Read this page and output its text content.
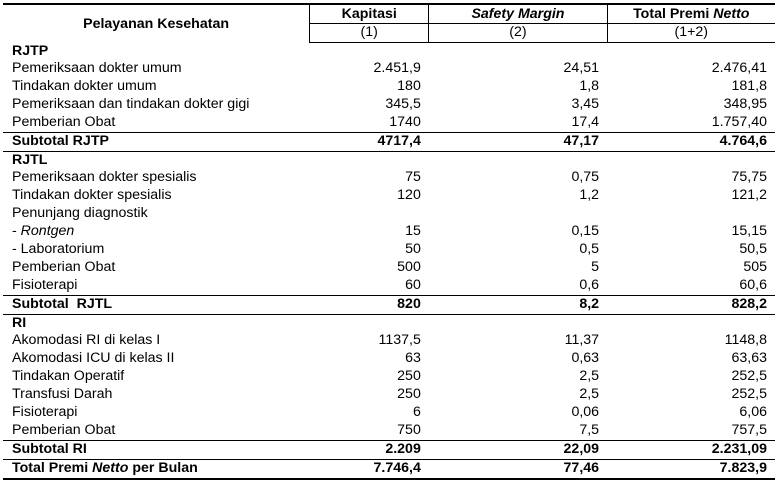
Pelayanan Kesehatan	Kapitasi	Safety Margin	Total Premi Netto
	(1)	(2)	(1+2)
RJTP			
Pemeriksaan dokter umum	2.451,9	24,51	2.476,41
Tindakan dokter umum	180	1,8	181,8
Pemeriksaan dan tindakan dokter gigi	345,5	3,45	348,95
Pemberian Obat	1740	17,4	1.757,40
Subtotal RJTP	4717,4	47,17	4.764,6
RJTL			
Pemeriksaan dokter spesialis	75	0,75	75,75
Tindakan dokter spesialis	120	1,2	121,2
Penunjang diagnostik			
- Rontgen	15	0,15	15,15
- Laboratorium	50	0,5	50,5
Pemberian Obat	500	5	505
Fisioterapi	60	0,6	60,6
Subtotal  RJTL	820	8,2	828,2
RI			
Akomodasi RI di kelas I	1137,5	11,37	1148,8
Akomodasi ICU di kelas II	63	0,63	63,63
Tindakan Operatif	250	2,5	252,5
Transfusi Darah	250	2,5	252,5
Fisioterapi	6	0,06	6,06
Pemberian Obat	750	7,5	757,5
Subtotal RI	2.209	22,09	2.231,09
Total Premi Netto per Bulan	7.746,4	77,46	7.823,9
